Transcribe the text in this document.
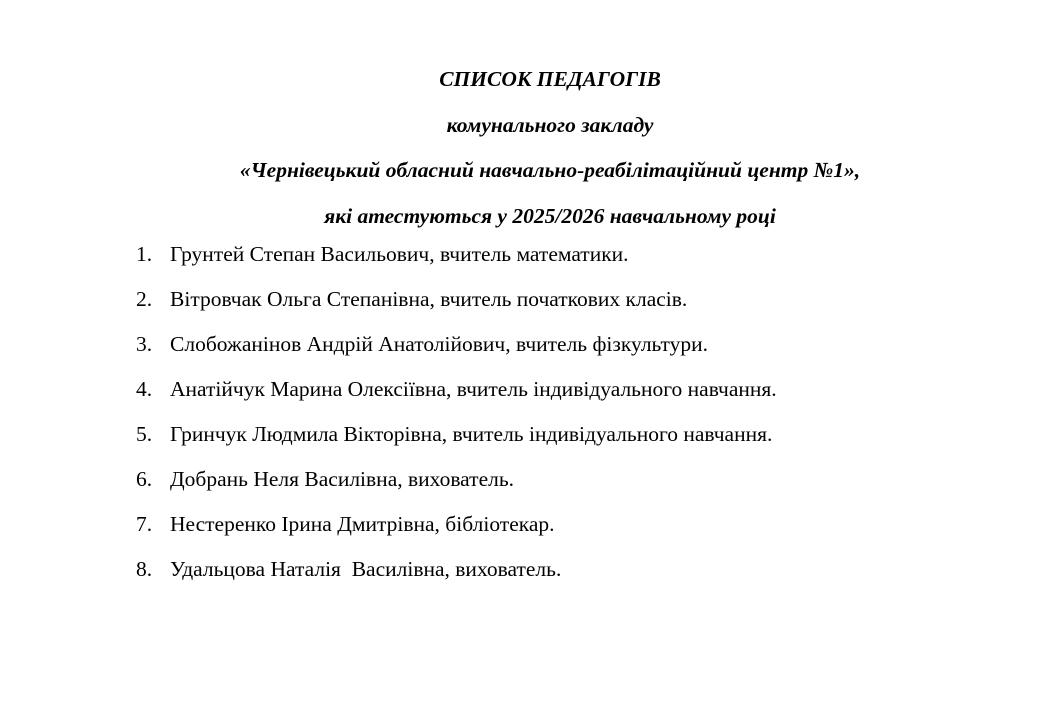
СПИСОК ПЕДАГОГІВ
комунального закладу
«Чернівецький обласний навчально-реабілітаційний центр №1»,
які атестуються у 2025/2026 навчальному році

1.

Грунтей Степан Васильович, вчитель математики.

2.

Вітровчак Ольга Степанівна, вчитель початкових класів.

3.

Слобожанінов Андрій Анатолійович, вчитель фізкультури.

4.

Анатійчук Марина Олексіївна, вчитель індивідуального навчання.

5.

Гринчук Людмила Вікторівна, вчитель індивідуального навчання.

6.

Добрань Неля Василівна, вихователь.

7.

Нестеренко Ірина Дмитрівна, бібліотекар.

8.

Удальцова Наталія  Василівна, вихователь.
